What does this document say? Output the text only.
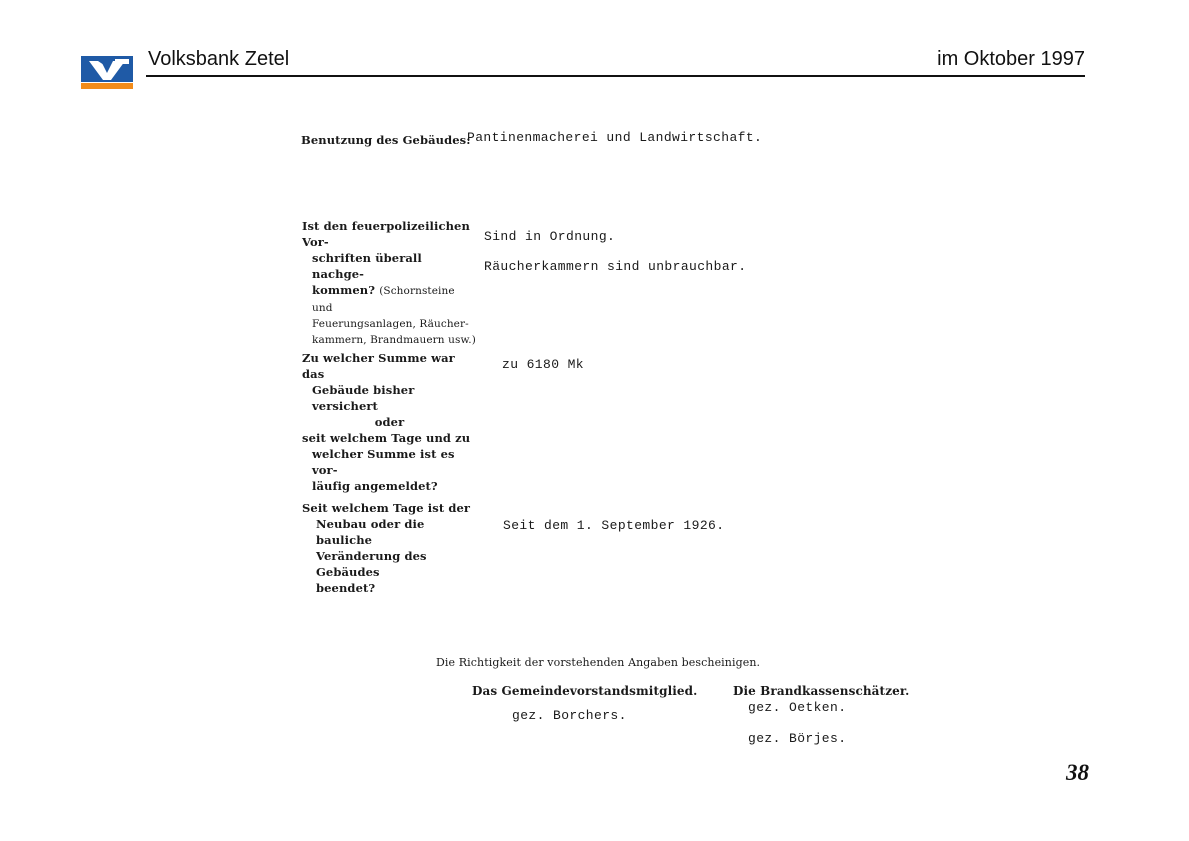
Volksbank Zetel	im Oktober 1997
Benutzung des Gebäudes:
Pantinenmacherei und Landwirtschaft.
Ist den feuerpolizeilichen Vor-
schriften überall nachge-
kommen? (Schornsteine und
Feuerungsanlagen, Räucher-
kammern, Brandmauern usw.)
Sind in Ordnung.
Räucherkammern sind unbrauchbar.
Zu welcher Summe war das
Gebäude bisher versichert
oder
seit welchem Tage und zu
welcher Summe ist es vor-
läufig angemeldet?
zu 6180 Mk
Seit welchem Tage ist der
Neubau oder die bauliche
Veränderung des Gebäudes
beendet?
Seit dem 1. September 1926.
Die Richtigkeit der vorstehenden Angaben bescheinigen.
Das Gemeindevorstandsmitglied.
gez. Borchers.
Die Brandkassenschätzer.
gez. Oetken.
gez. Börjes.
38
